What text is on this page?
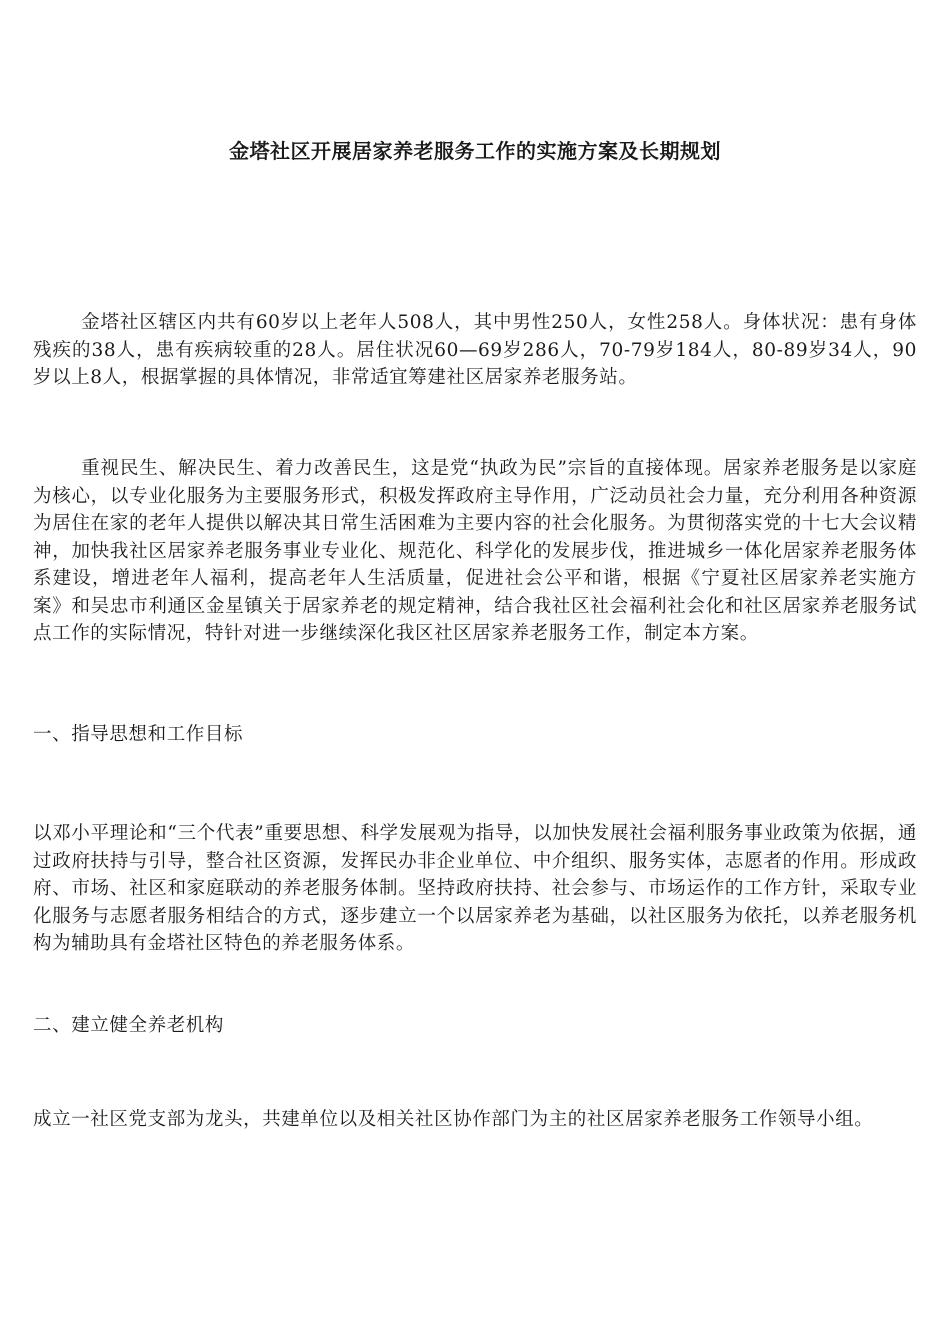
金塔社区开展居家养老服务工作的实施方案及长期规划

金塔社区辖区内共有60岁以上老年人508人，其中男性250人，女性258人。身体状况：患有身体残疾的38人，患有疾病较重的28人。居住状况60—69岁286人，70-79岁184人，80-89岁34人，90岁以上8人，根据掌握的具体情况，非常适宜筹建社区居家养老服务站。

重视民生、解决民生、着力改善民生，这是党“执政为民”宗旨的直接体现。居家养老服务是以家庭为核心，以专业化服务为主要服务形式，积极发挥政府主导作用，广泛动员社会力量，充分利用各种资源为居住在家的老年人提供以解决其日常生活困难为主要内容的社会化服务。为贯彻落实党的十七大会议精神，加快我社区居家养老服务事业专业化、规范化、科学化的发展步伐，推进城乡一体化居家养老服务体系建设，增进老年人福利，提高老年人生活质量，促进社会公平和谐，根据《宁夏社区居家养老实施方案》和吴忠市利通区金星镇关于居家养老的规定精神，结合我社区社会福利社会化和社区居家养老服务试点工作的实际情况，特针对进一步继续深化我区社区居家养老服务工作，制定本方案。

一、指导思想和工作目标

以邓小平理论和“三个代表”重要思想、科学发展观为指导，以加快发展社会福利服务事业政策为依据，通过政府扶持与引导，整合社区资源，发挥民办非企业单位、中介组织、服务实体，志愿者的作用。形成政府、市场、社区和家庭联动的养老服务体制。坚持政府扶持、社会参与、市场运作的工作方针，采取专业化服务与志愿者服务相结合的方式，逐步建立一个以居家养老为基础，以社区服务为依托，以养老服务机构为辅助具有金塔社区特色的养老服务体系。

二、建立健全养老机构

成立一社区党支部为龙头，共建单位以及相关社区协作部门为主的社区居家养老服务工作领导小组。
